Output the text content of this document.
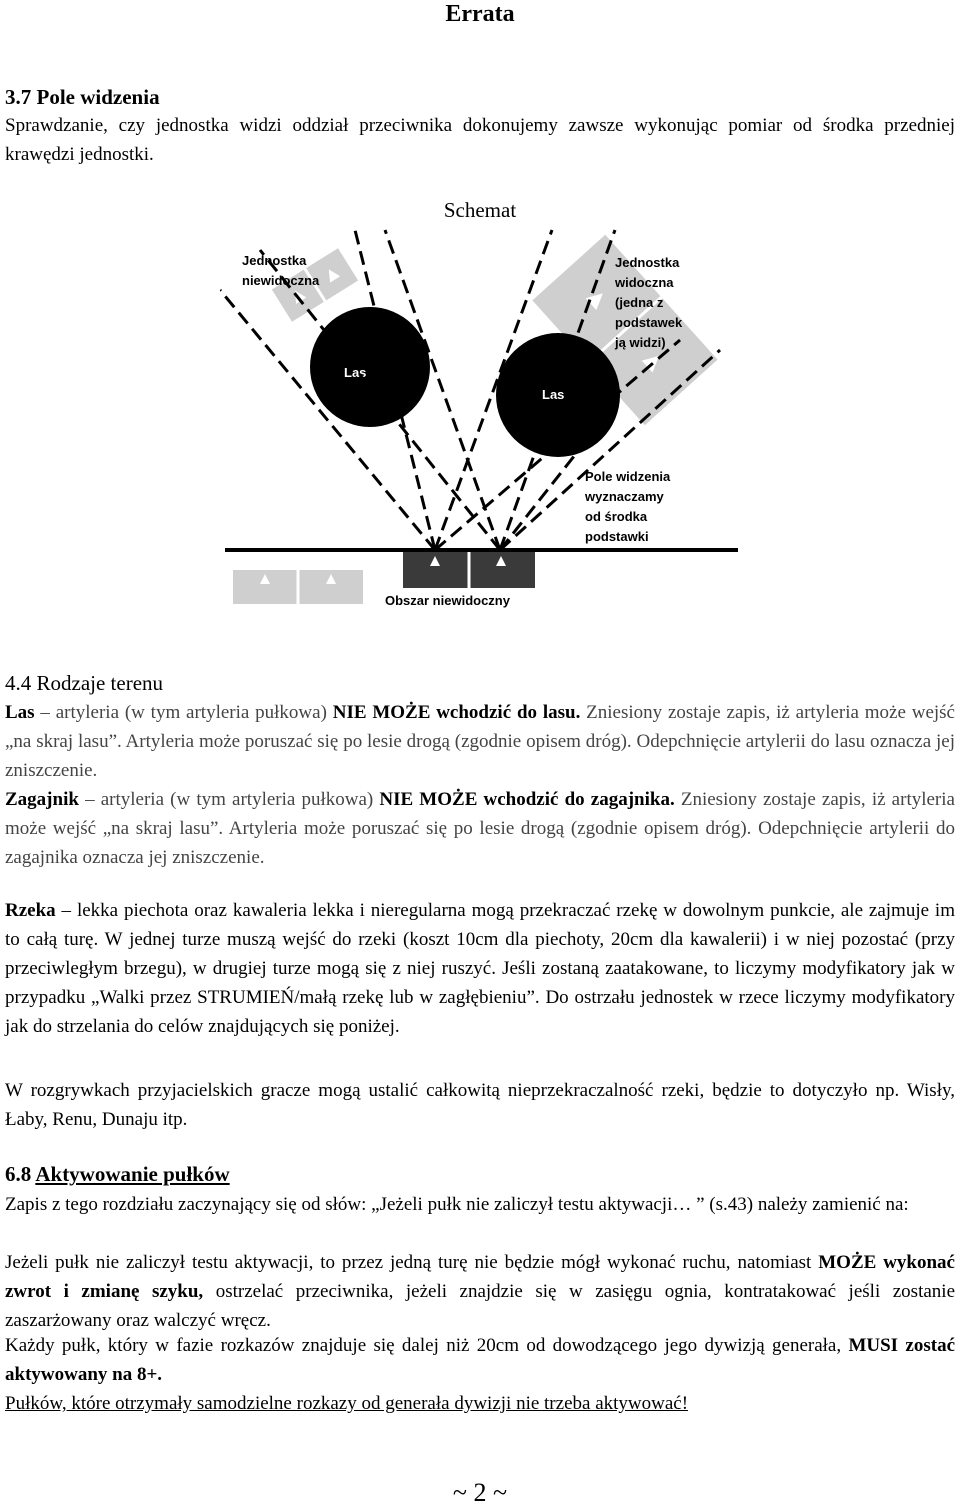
Errata
3.7 Pole widzenia
Sprawdzanie, czy jednostka widzi oddział przeciwnika dokonujemy zawsze wykonując pomiar od środka przedniej krawędzi jednostki.
Schemat
Las
Las
Jednostka
niewidoczna
Jednostka
widoczna
(jedna z
podstawek
ją widzi)
Pole widzenia
wyznaczamy
od środka
podstawki
Obszar niewidoczny
4.4 Rodzaje terenu
Las – artyleria (w tym artyleria pułkowa) NIE MOŻE wchodzić do lasu. Zniesiony zostaje zapis, iż artyleria może wejść „na skraj lasu”. Artyleria może poruszać się po lesie drogą (zgodnie opisem dróg). Odepchnięcie artylerii do lasu oznacza jej zniszczenie.
Zagajnik – artyleria (w tym artyleria pułkowa) NIE MOŻE wchodzić do zagajnika. Zniesiony zostaje zapis, iż artyleria może wejść „na skraj lasu”. Artyleria może poruszać się po lesie drogą (zgodnie opisem dróg). Odepchnięcie artylerii do zagajnika oznacza jej zniszczenie.
Rzeka – lekka piechota oraz kawaleria lekka i nieregularna mogą przekraczać rzekę w dowolnym punkcie, ale zajmuje im to całą turę. W jednej turze muszą wejść do rzeki (koszt 10cm dla piechoty, 20cm dla kawalerii) i w niej pozostać (przy przeciwległym brzegu), w drugiej turze mogą się z niej ruszyć. Jeśli zostaną zaatakowane, to liczymy modyfikatory jak w przypadku „Walki przez STRUMIEŃ/małą rzekę lub w zagłębieniu”. Do ostrzału jednostek w rzece liczymy modyfikatory jak do strzelania do celów znajdujących się poniżej.
W rozgrywkach przyjacielskich gracze mogą ustalić całkowitą nieprzekraczalność rzeki, będzie to dotyczyło np. Wisły, Łaby, Renu, Dunaju itp.
6.8 Aktywowanie pułków
Zapis z tego rozdziału zaczynający się od słów: „Jeżeli pułk nie zaliczył testu aktywacji… ” (s.43) należy zamienić na:
Jeżeli pułk nie zaliczył testu aktywacji, to przez jedną turę nie będzie mógł wykonać ruchu, natomiast MOŻE wykonać zwrot i zmianę szyku, ostrzelać przeciwnika, jeżeli znajdzie się w zasięgu ognia, kontratakować jeśli zostanie zaszarżowany oraz walczyć wręcz.
Każdy pułk, który w fazie rozkazów znajduje się dalej niż 20cm od dowodzącego jego dywizją generała, MUSI zostać aktywowany na 8+.
Pułków, które otrzymały samodzielne rozkazy od generała dywizji nie trzeba aktywować!
~ 2 ~
